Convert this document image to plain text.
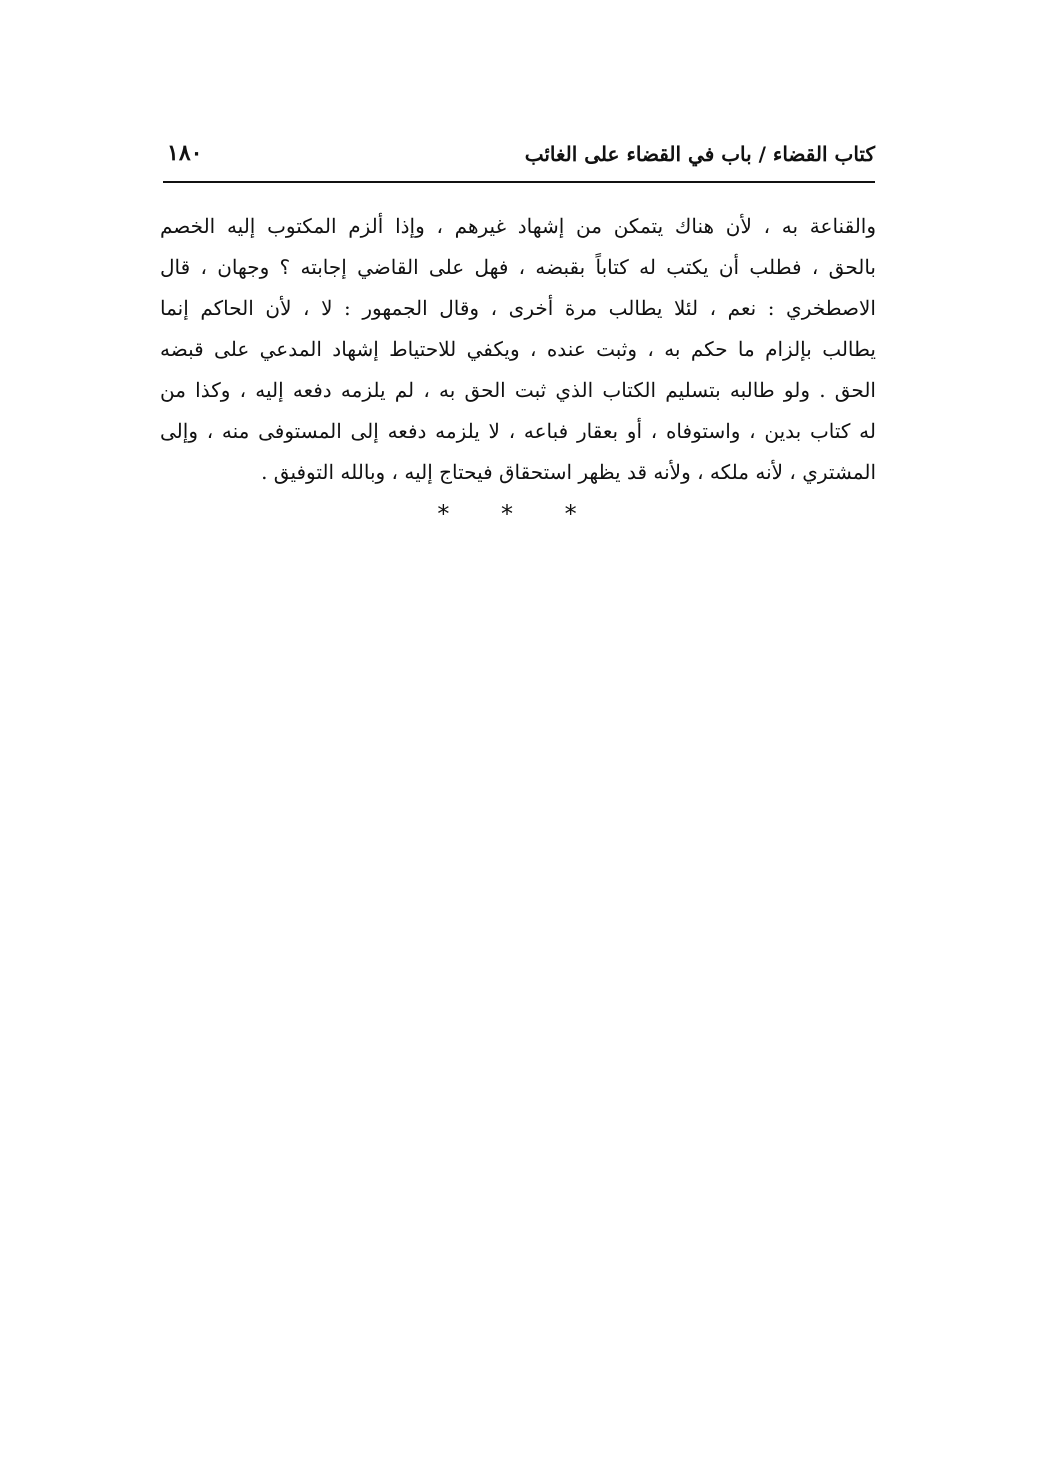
كتاب القضاء / باب في القضاء على الغائب
١٨٠
والقناعة به ، لأن هناك يتمكن من إشهاد غيرهم ، وإذا ألزم المكتوب إليه الخصم
بالحق ، فطلب أن يكتب له كتاباً بقبضه ، فهل على القاضي إجابته ؟ وجهان ، قال
الاصطخري : نعم ، لئلا يطالب مرة أخرى ، وقال الجمهور : لا ، لأن الحاكم إنما
يطالب بإلزام ما حكم به ، وثبت عنده ، ويكفي للاحتياط إشهاد المدعي على قبضه
الحق . ولو طالبه بتسليم الكتاب الذي ثبت الحق به ، لم يلزمه دفعه إليه ، وكذا من
له كتاب بدين ، واستوفاه ، أو بعقار فباعه ، لا يلزمه دفعه إلى المستوفى منه ، وإلى
المشتري ، لأنه ملكه ، ولأنه قد يظهر استحقاق فيحتاج إليه ، وبالله التوفيق .
* * *
